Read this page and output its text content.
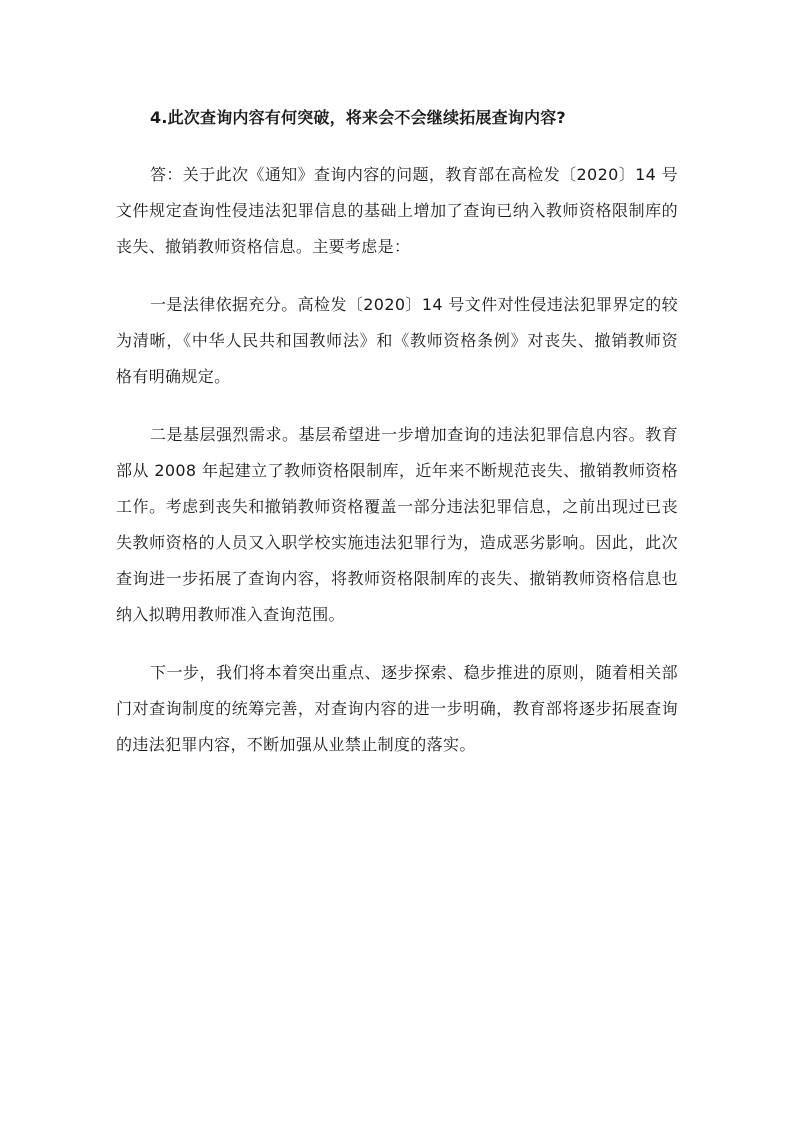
4.此次查询内容有何突破，将来会不会继续拓展查询内容?

答：关于此次《通知》查询内容的问题，教育部在高检发〔2020〕14 号文件规定查询性侵违法犯罪信息的基础上增加了查询已纳入教师资格限制库的丧失、撤销教师资格信息。主要考虑是：

一是法律依据充分。高检发〔2020〕14 号文件对性侵违法犯罪界定的较为清晰，《中华人民共和国教师法》和《教师资格条例》对丧失、撤销教师资格有明确规定。

二是基层强烈需求。基层希望进一步增加查询的违法犯罪信息内容。教育部从 2008 年起建立了教师资格限制库，近年来不断规范丧失、撤销教师资格工作。考虑到丧失和撤销教师资格覆盖一部分违法犯罪信息，之前出现过已丧失教师资格的人员又入职学校实施违法犯罪行为，造成恶劣影响。因此，此次查询进一步拓展了查询内容，将教师资格限制库的丧失、撤销教师资格信息也纳入拟聘用教师准入查询范围。

下一步，我们将本着突出重点、逐步探索、稳步推进的原则，随着相关部门对查询制度的统筹完善，对查询内容的进一步明确，教育部将逐步拓展查询的违法犯罪内容，不断加强从业禁止制度的落实。
